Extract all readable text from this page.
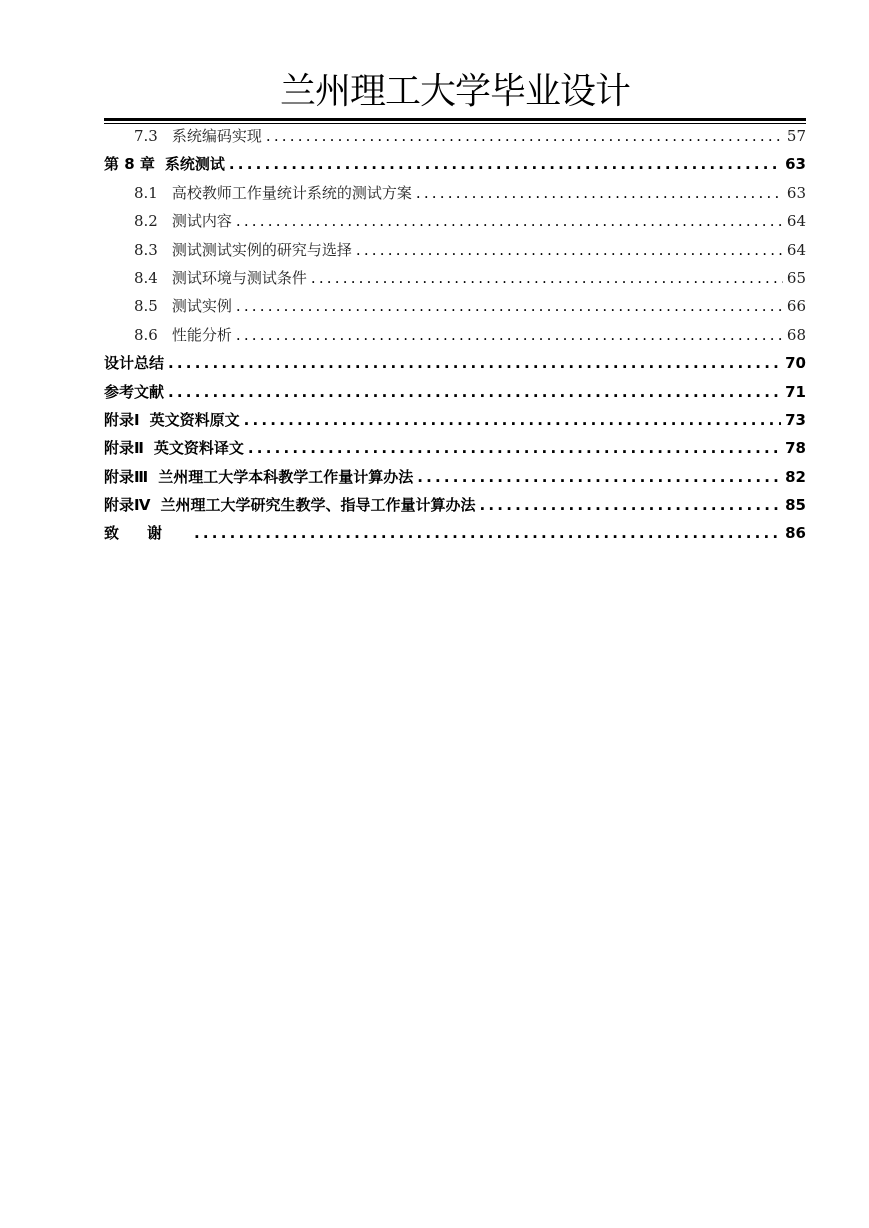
兰州理工大学毕业设计
7.3 系统编码实现 .....	57
第 8 章 系统测试 .....	63
8.1 高校教师工作量统计系统的测试方案 .....	63
8.2 测试内容 .....	64
8.3 测试测试实例的研究与选择 .....	64
8.4 测试环境与测试条件 .....	65
8.5 测试实例 .....	66
8.6 性能分析 .....	68
设计总结 .....	70
参考文献 .....	71
附录Ⅰ 英文资料原文 .....	73
附录Ⅱ 英文资料译文 .....	78
附录Ⅲ 兰州理工大学本科教学工作量计算办法 .....	82
附录Ⅳ 兰州理工大学研究生教学、指导工作量计算办法 .....	85
致谢 .....	86
